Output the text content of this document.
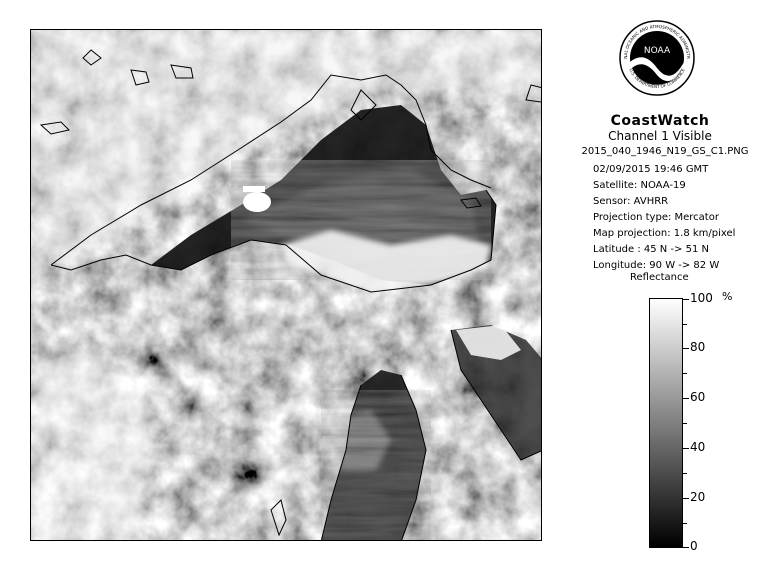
NOAA
NAL OCEANIC AND ATMOSPHERIC ADMINISTR
U.S. DEPARTMENT OF COMMERCE
CoastWatch
Channel 1 Visible
2015_040_1946_N19_GS_C1.PNG
02/09/2015 19:46 GMT
Satellite: NOAA-19
Sensor: AVHRR
Projection type: Mercator
Map projection: 1.8 km/pixel
Latitude : 45 N -> 51 N
Longitude: 90 W -> 82 W
Reflectance
%
100
80
60
40
20
0
